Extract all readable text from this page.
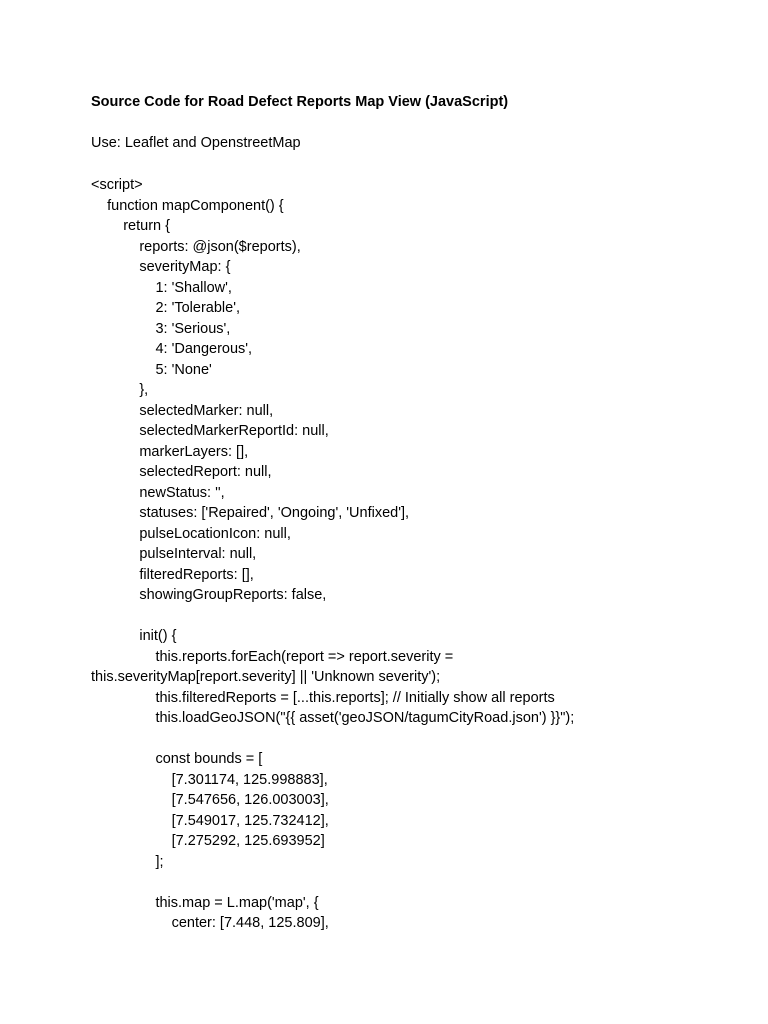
Source Code for Road Defect Reports Map View (JavaScript)
Use: Leaflet and OpenstreetMap
<script>
function mapComponent() {
return {
reports: @json($reports),
severityMap: {
1: 'Shallow',
2: 'Tolerable',
3: 'Serious',
4: 'Dangerous',
5: 'None'
},
selectedMarker: null,
selectedMarkerReportId: null,
markerLayers: [],
selectedReport: null,
newStatus: '',
statuses: ['Repaired', 'Ongoing', 'Unfixed'],
pulseLocationIcon: null,
pulseInterval: null,
filteredReports: [],
showingGroupReports: false,
init() {
this.reports.forEach(report => report.severity =
this.severityMap[report.severity] || 'Unknown severity');
this.filteredReports = [...this.reports]; // Initially show all reports
this.loadGeoJSON("{{ asset('geoJSON/tagumCityRoad.json') }}");
const bounds = [
[7.301174, 125.998883],
[7.547656, 126.003003],
[7.549017, 125.732412],
[7.275292, 125.693952]
];
this.map = L.map('map', {
center: [7.448, 125.809],
